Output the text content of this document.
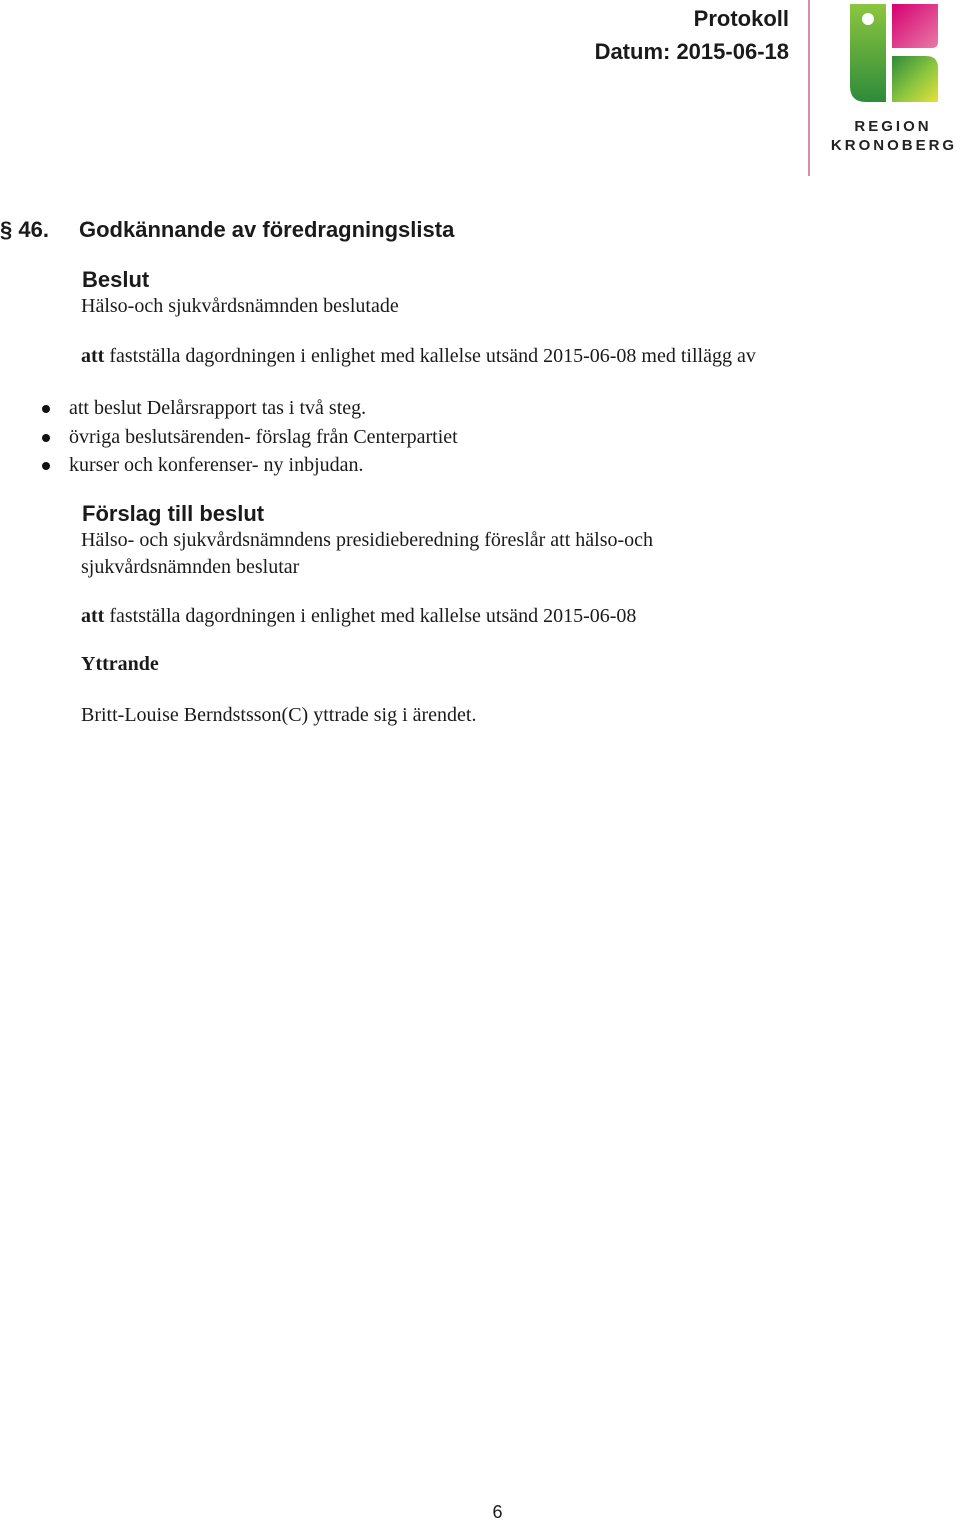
Protokoll
Datum: 2015-06-18
REGION
KRONOBERG
§ 46. Godkännande av föredragningslista
Beslut
Hälso-och sjukvårdsnämnden beslutade
att fastställa dagordningen i enlighet med kallelse utsänd 2015-06-08 med tillägg av
att beslut Delårsrapport tas i två steg.
övriga beslutsärenden- förslag från Centerpartiet
kurser och konferenser- ny inbjudan.
Förslag till beslut
Hälso- och sjukvårdsnämndens presidieberedning föreslår att hälso-och
sjukvårdsnämnden beslutar
att fastställa dagordningen i enlighet med kallelse utsänd 2015-06-08
Yttrande
Britt-Louise Berndstsson(C) yttrade sig i ärendet.
6
